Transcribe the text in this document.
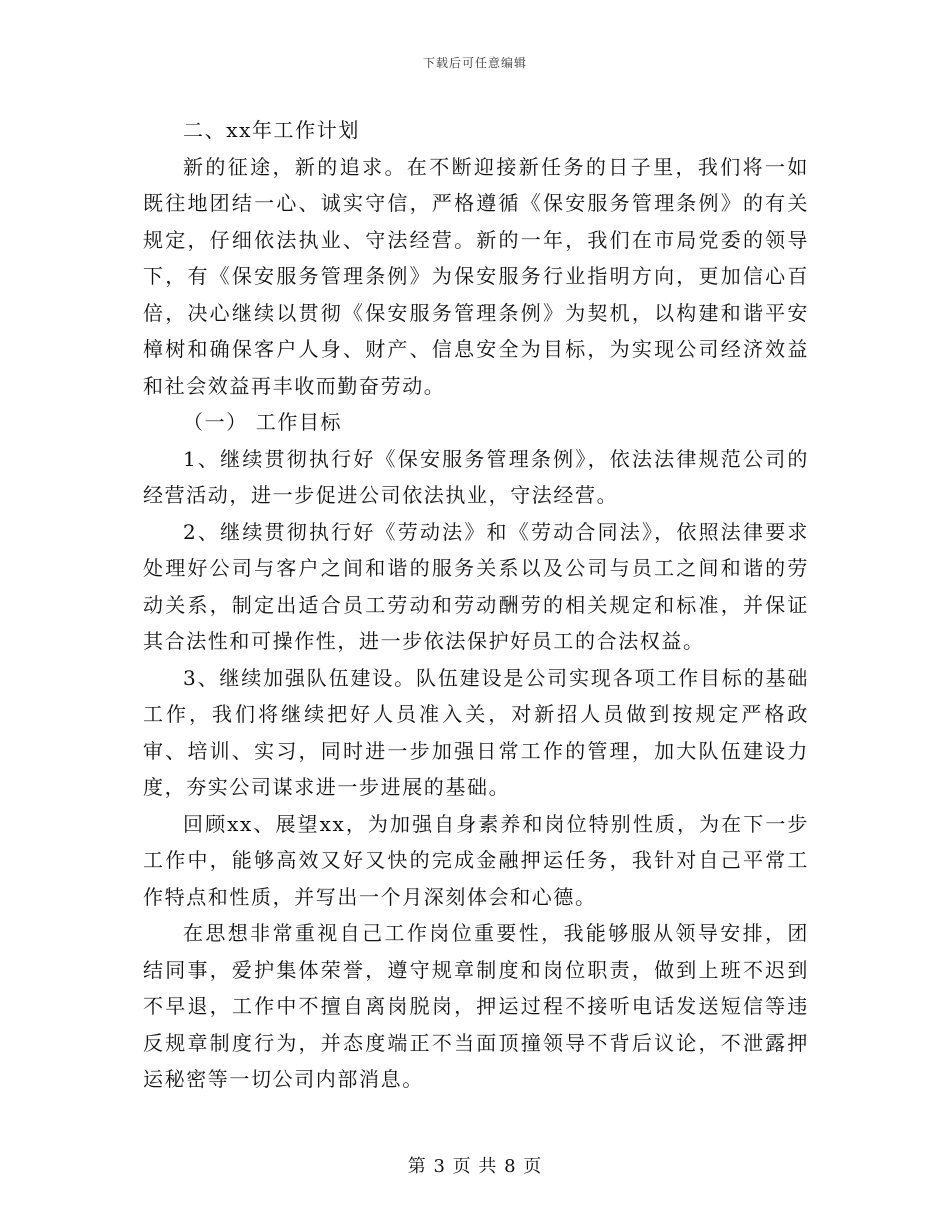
下载后可任意编辑

二、xx年工作计划

新的征途，新的追求。在不断迎接新任务的日子里，我们将一如既往地团结一心、诚实守信，严格遵循《保安服务管理条例》的有关规定，仔细依法执业、守法经营。新的一年，我们在市局党委的领导下，有《保安服务管理条例》为保安服务行业指明方向，更加信心百倍，决心继续以贯彻《保安服务管理条例》为契机，以构建和谐平安樟树和确保客户人身、财产、信息安全为目标，为实现公司经济效益和社会效益再丰收而勤奋劳动。

（一） 工作目标

1、继续贯彻执行好《保安服务管理条例》，依法法律规范公司的经营活动，进一步促进公司依法执业，守法经营。

2、继续贯彻执行好《劳动法》和《劳动合同法》，依照法律要求处理好公司与客户之间和谐的服务关系以及公司与员工之间和谐的劳动关系，制定出适合员工劳动和劳动酬劳的相关规定和标准，并保证其合法性和可操作性，进一步依法保护好员工的合法权益。

3、继续加强队伍建设。队伍建设是公司实现各项工作目标的基础工作，我们将继续把好人员准入关，对新招人员做到按规定严格政审、培训、实习，同时进一步加强日常工作的管理，加大队伍建设力度，夯实公司谋求进一步进展的基础。

回顾xx、展望xx，为加强自身素养和岗位特别性质，为在下一步工作中，能够高效又好又快的完成金融押运任务，我针对自己平常工作特点和性质，并写出一个月深刻体会和心德。

在思想非常重视自己工作岗位重要性，我能够服从领导安排，团结同事，爱护集体荣誉，遵守规章制度和岗位职责，做到上班不迟到不早退，工作中不擅自离岗脱岗，押运过程不接听电话发送短信等违反规章制度行为，并态度端正不当面顶撞领导不背后议论，不泄露押运秘密等一切公司内部消息。

第 3 页 共 8 页
